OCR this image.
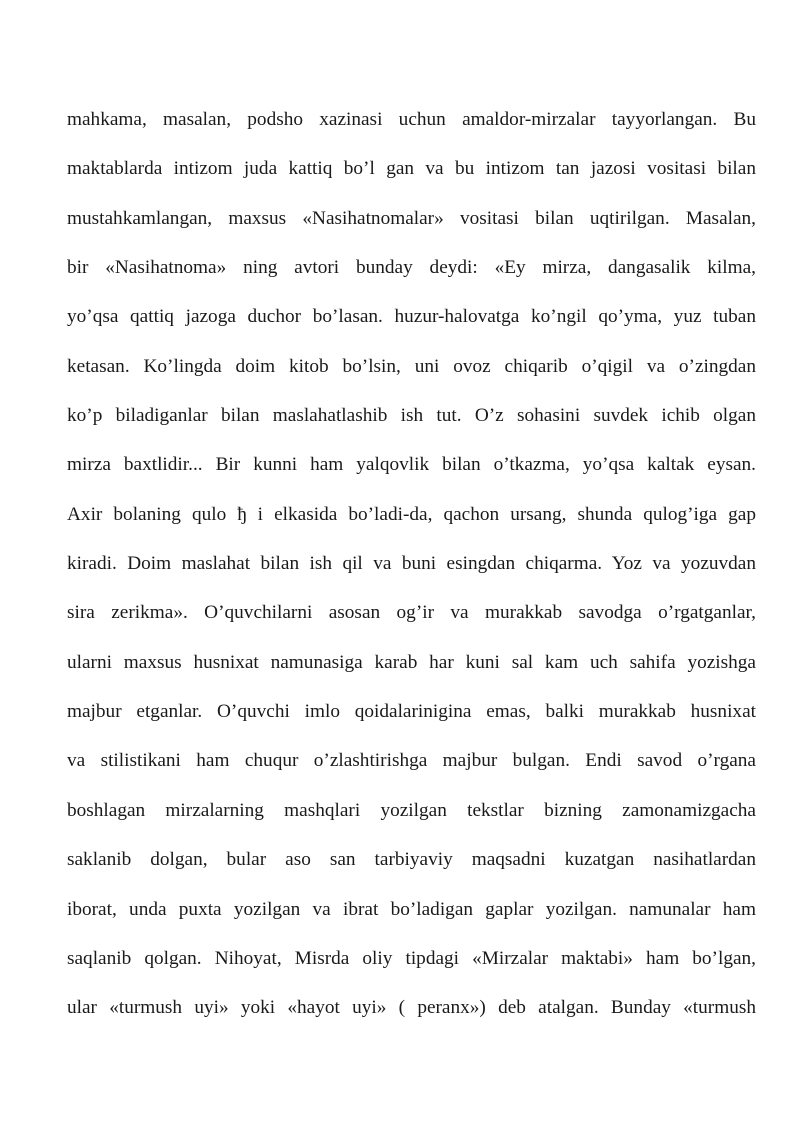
mahkama, masalan, podsho xazinasi uchun amaldor-mirzalar tayyorlangan. Bu
maktablarda intizom juda kattiq bo’l gan va bu intizom tan jazosi vositasi bilan
mustahkamlangan, maxsus «Nasihatnomalar» vositasi bilan uqtirilgan. Masalan,
bir «Nasihatnoma» ning avtori bunday deydi: «Ey mirza, dangasalik kilma,
yo’qsa qattiq jazoga duchor bo’lasan. huzur-halovatga ko’ngil qo’yma, yuz tuban
ketasan. Ko’lingda doim kitob bo’lsin, uni ovoz chiqarib o’qigil va o’zingdan
ko’p biladiganlar bilan maslahatlashib ish tut. O’z sohasini suvdek ichib olgan
mirza baxtlidir... Bir kunni ham yalqovlik bilan o’tkazma, yo’qsa kaltak eysan.
Axir bolaning qulo ђ i elkasida bo’ladi-da, qachon ursang, shunda qulog’iga gap
kiradi. Doim maslahat bilan ish qil va buni esingdan chiqarma. Yoz va yozuvdan
sira zerikma». O’quvchilarni asosan og’ir va murakkab savodga o’rgatganlar,
ularni maxsus husnixat namunasiga karab har kuni sal kam uch sahifa yozishga
majbur etganlar. O’quvchi imlo qoidalarinigina emas, balki murakkab husnixat
va stilistikani ham chuqur o’zlashtirishga majbur bulgan. Endi savod o’rgana
boshlagan mirzalarning mashqlari yozilgan tekstlar bizning zamonamizgacha
saklanib dolgan, bular aso san tarbiyaviy maqsadni kuzatgan nasihatlardan
iborat, unda puxta yozilgan va ibrat bo’ladigan gaplar yozilgan. namunalar ham
saqlanib qolgan. Nihoyat, Misrda oliy tipdagi «Mirzalar maktabi» ham bo’lgan,
ular «turmush uyi» yoki «hayot uyi» ( peranx») deb atalgan. Bunday «turmush
